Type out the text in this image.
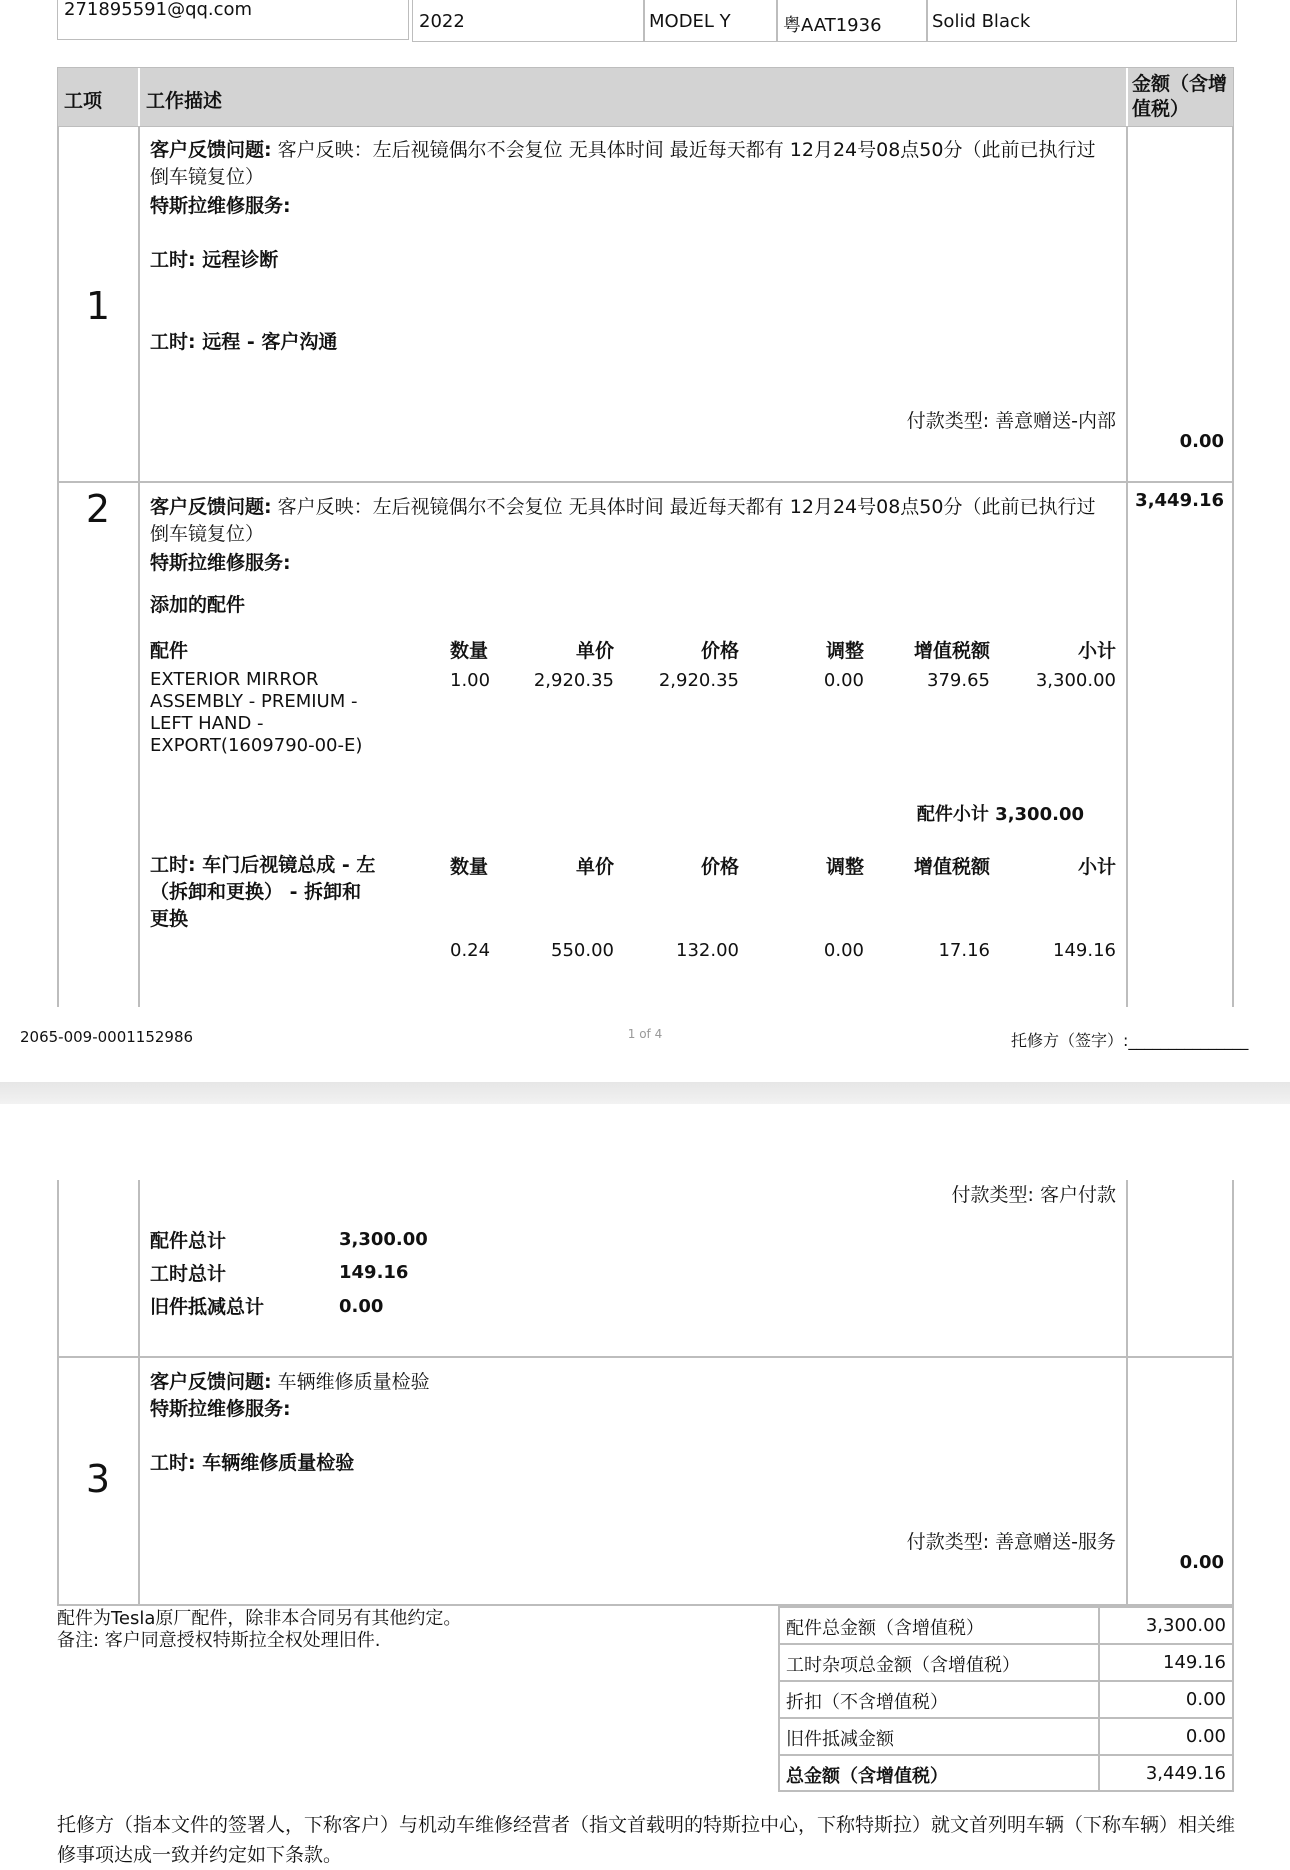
271895591@qq.com
2022	MODEL Y	粤AAT1936	Solid Black
工项 工作描述
金额（含增值税）
1
客户反馈问题: 客户反映：左后视镜偶尔不会复位 无具体时间 最近每天都有 12月24号08点50分（此前已执行过倒车镜复位）
特斯拉维修服务:
工时: 远程诊断
工时: 远程 - 客户沟通
付款类型: 善意赠送-内部
0.00
2	3,449.16
客户反馈问题: 客户反映：左后视镜偶尔不会复位 无具体时间 最近每天都有 12月24号08点50分（此前已执行过倒车镜复位）
特斯拉维修服务:
添加的配件
配件	数量	单价	价格	调整	增值税额	小计
EXTERIOR MIRROR ASSEMBLY - PREMIUM - LEFT HAND - EXPORT(1609790-00-E)
1.00	2,920.35	2,920.35	0.00	379.65	3,300.00
配件小计 3,300.00
工时: 车门后视镜总成 - 左（拆卸和更换） - 拆卸和更换
数量	单价	价格	调整	增值税额	小计
0.24	550.00	132.00	0.00	17.16	149.16
2065-009-0001152986	1 of 4	托修方（签字）:_______________
付款类型: 客户付款
配件总计	3,300.00
工时总计	149.16
旧件抵减总计	0.00
3
客户反馈问题: 车辆维修质量检验
特斯拉维修服务:
工时: 车辆维修质量检验
付款类型: 善意赠送-服务
0.00
配件为Tesla原厂配件，除非本合同另有其他约定。
备注: 客户同意授权特斯拉全权处理旧件.
配件总金额（含增值税）	3,300.00
工时杂项总金额（含增值税）	149.16
折扣（不含增值税）	0.00
旧件抵减金额	0.00
总金额（含增值税）	3,449.16
托修方（指本文件的签署人，下称客户）与机动车维修经营者（指文首载明的特斯拉中心，下称特斯拉）就文首列明车辆（下称车辆）相关维修事项达成一致并约定如下条款。
